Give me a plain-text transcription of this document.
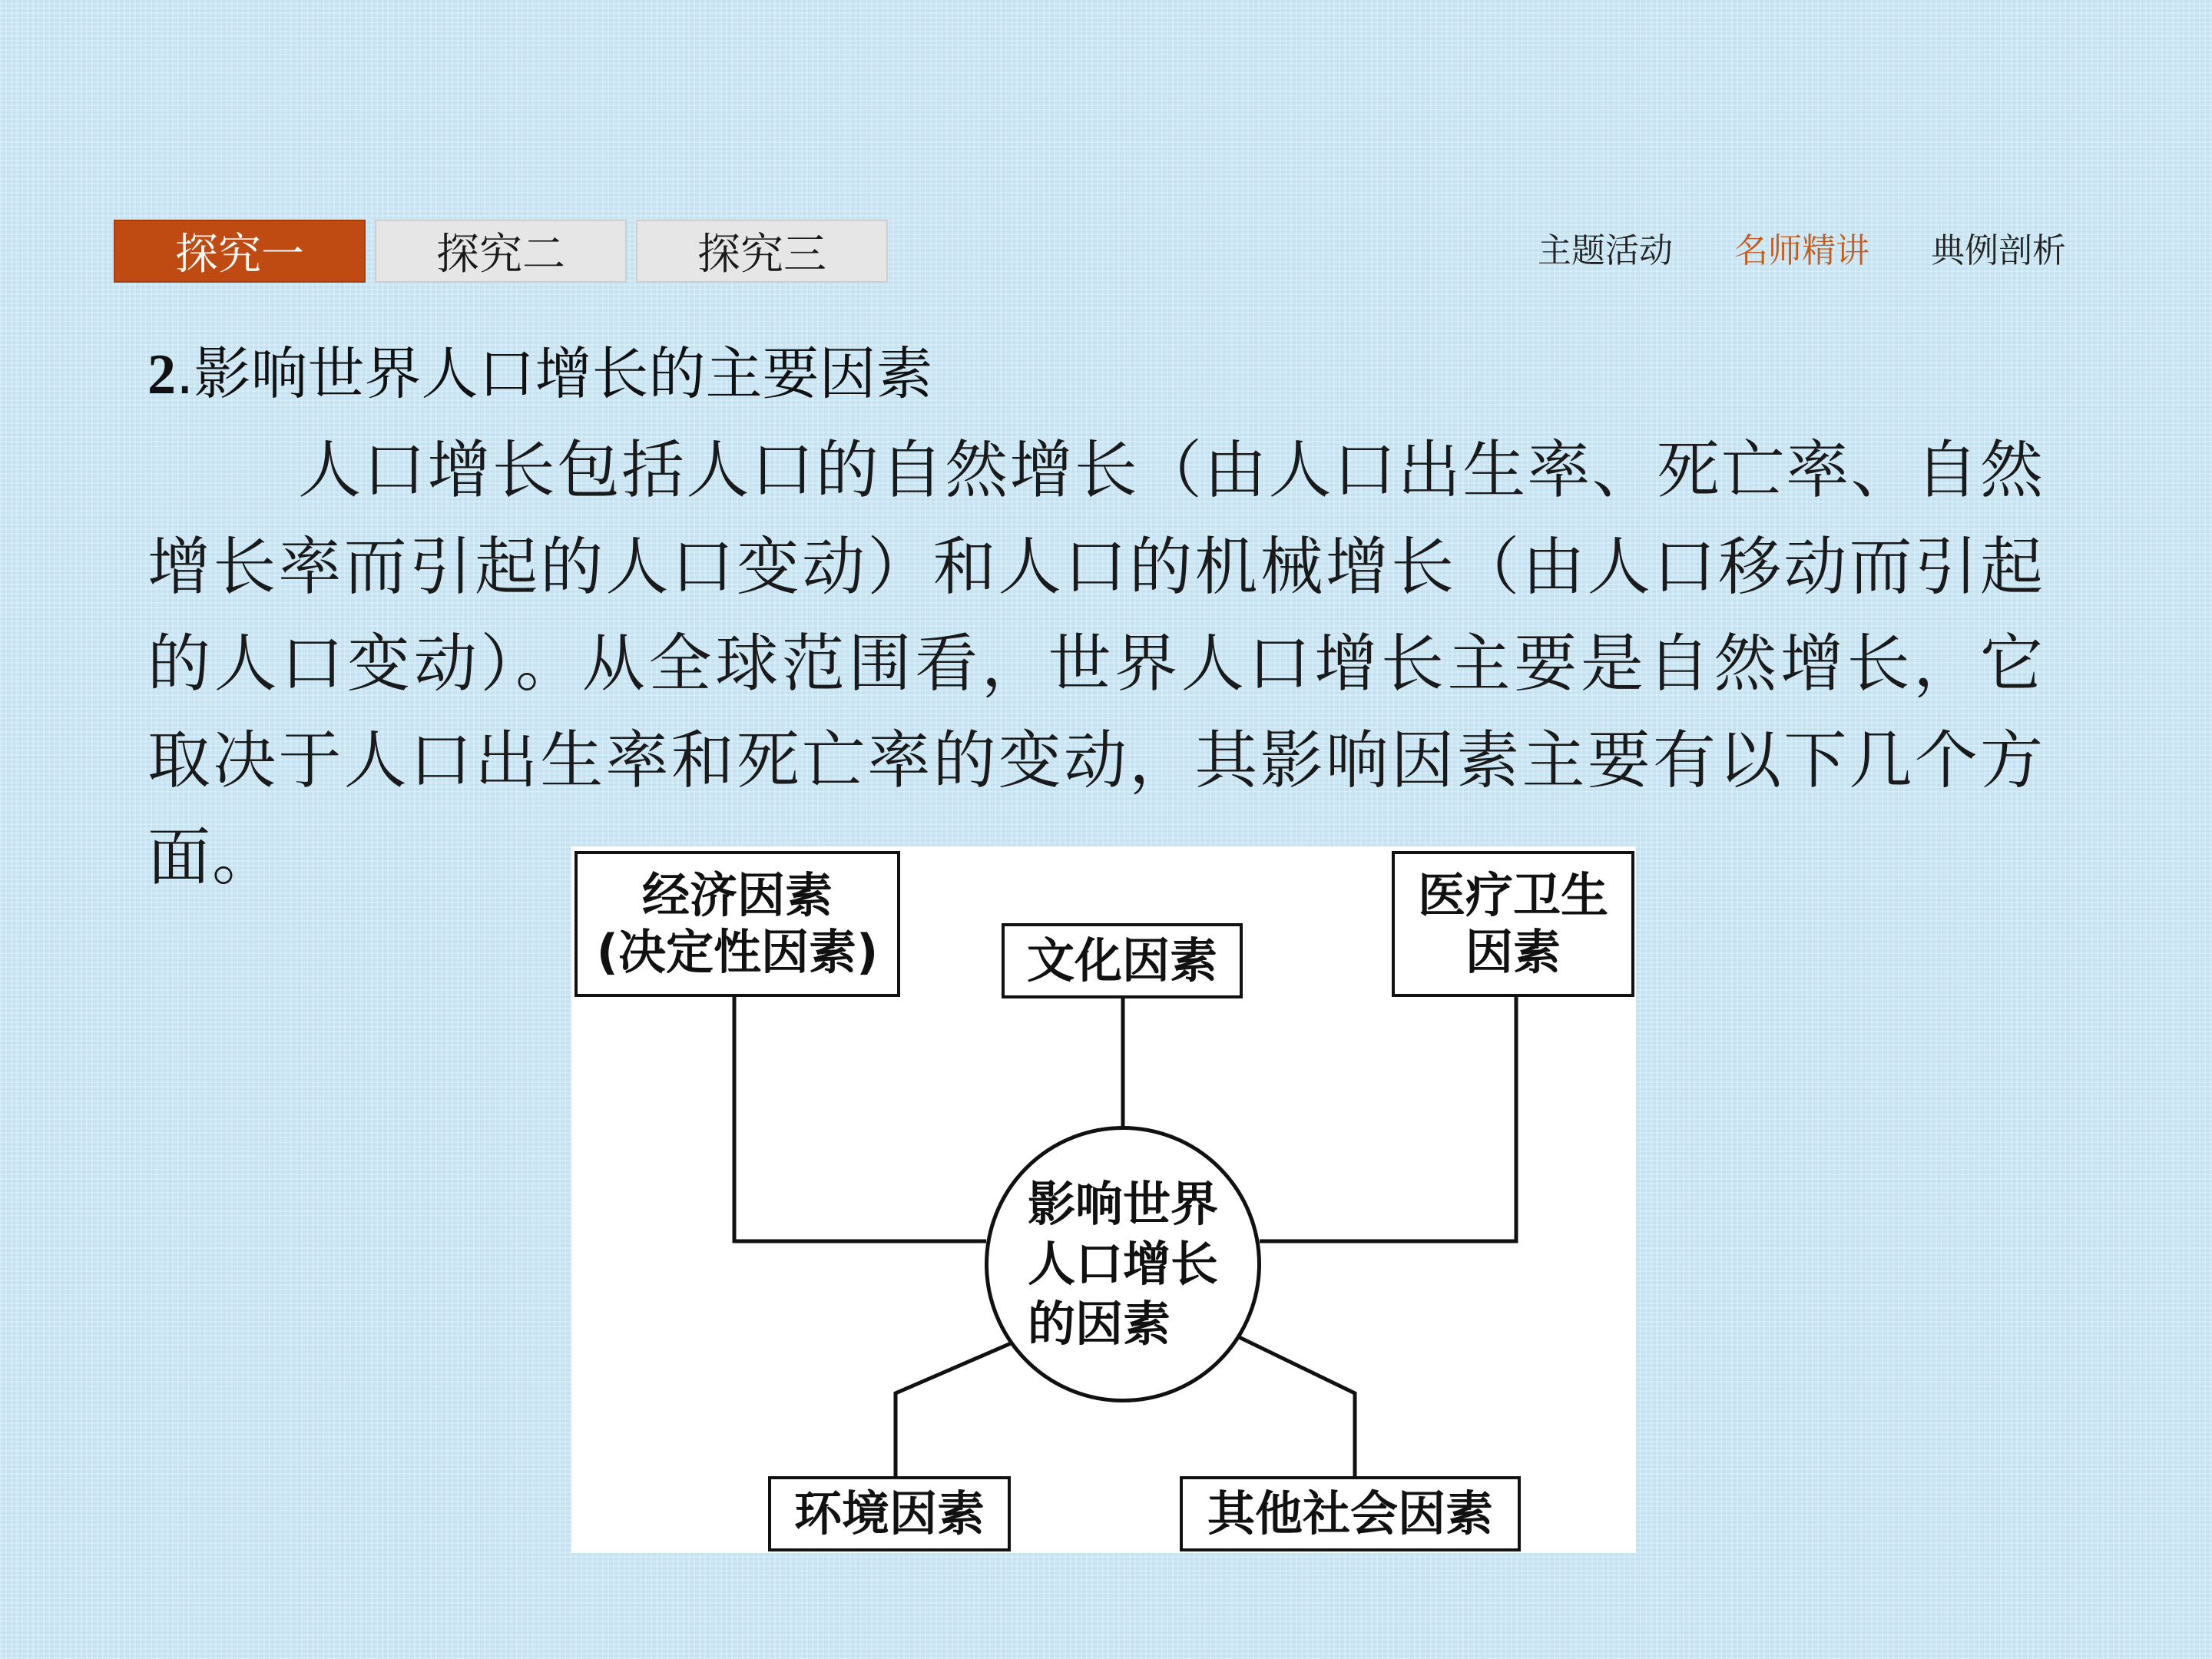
探究一	探究二	探究三	主题活动 名师精讲 典例剖析
2.影响世界人口增长的主要因素
人口增长包括人口的自然增长（由人口出生率、死亡率、自然增长率而引起的人口变动）和人口的机械增长（由人口移动而引起的人口变动）。从全球范围看，世界人口增长主要是自然增长，它取决于人口出生率和死亡率的变动，其影响因素主要有以下几个方面。
经济因素
(决定性因素)	文化因素
医疗卫生
因素
影响世界
人口增长
的因素
环境因素	其他社会因素
